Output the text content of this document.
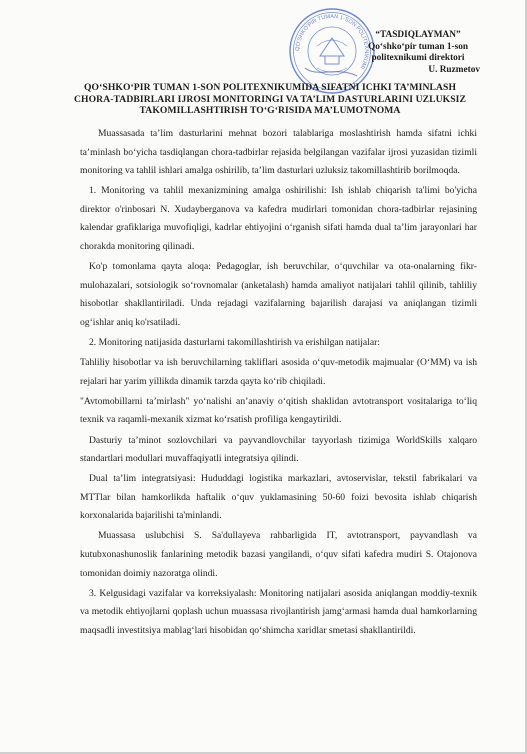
QO‘SHKO‘PIR TUMAN 1-SON POLITEXNIKUMI
“TASDIQLAYMAN”
Qo‘shko‘pir tuman 1-son
politexnikumi direktori
U. Ruzmetov
QO‘SHKO‘PIR TUMAN 1-SON POLITEXNIKUMIDA SIFATNI ICHKI TA’MINLASH CHORA-TADBIRLARI IJROSI MONITORINGI VA TA’LIM DASTURLARINI UZLUKSIZ TAKOMILLASHTIRISH TO‘G‘RISIDA MA’LUMOTNOMA

Muassasada ta’lim dasturlarini mehnat bozori talablariga moslashtirish hamda sifatni ichki ta’minlash bo‘yicha tasdiqlangan chora-tadbirlar rejasida belgilangan vazifalar ijrosi yuzasidan tizimli monitoring va tahlil ishlari amalga oshirilib, ta’lim dasturlari uzluksiz takomillashtirib borilmoqda.

1. Monitoring va tahlil mexanizmining amalga oshirilishi: Ish ishlab chiqarish ta'limi bo'yicha direktor o'rinbosari N. Xudayberganova va kafedra mudirlari tomonidan chora-tadbirlar rejasining kalendar grafiklariga muvofiqligi, kadrlar ehtiyojini o‘rganish sifati hamda dual ta’lim jarayonlari har chorakda monitoring qilinadi.

Ko'p tomonlama qayta aloqa: Pedagoglar, ish beruvchilar, o‘quvchilar va ota-onalarning fikr-mulohazalari, sotsiologik so‘rovnomalar (anketalash) hamda amaliyot natijalari tahlil qilinib, tahliliy hisobotlar shakllantiriladi. Unda rejadagi vazifalarning bajarilish darajasi va aniqlangan tizimli og‘ishlar aniq ko'rsatiladi.

2. Monitoring natijasida dasturlarni takomillashtirish va erishilgan natijalar:

Tahliliy hisobotlar va ish beruvchilarning takliflari asosida o‘quv-metodik majmualar (O‘MM) va ish rejalari har yarim yillikda dinamik tarzda qayta ko‘rib chiqiladi.

"Avtomobillarni ta’mirlash" yo‘nalishi an’anaviy o‘qitish shaklidan avtotransport vositalariga to‘liq texnik va raqamli-mexanik xizmat ko‘rsatish profiliga kengaytirildi.

Dasturiy ta’minot sozlovchilari va payvandlovchilar tayyorlash tizimiga WorldSkills xalqaro standartlari modullari muvaffaqiyatli integratsiya qilindi.

Dual ta’lim integratsiyasi: Hududdagi logistika markazlari, avtoservislar, tekstil fabrikalari va MTTlar bilan hamkorlikda haftalik o‘quv yuklamasining 50-60 foizi bevosita ishlab chiqarish korxonalarida bajarilishi ta'minlandi.

Muassasa uslubchisi S. Sa'dullayeva rahbarligida IT, avtotransport, payvandlash va kutubxonashunoslik fanlarining metodik bazasi yangilandi, o‘quv sifati kafedra mudiri S. Otajonova tomonidan doimiy nazoratga olindi.

3. Kelgusidagi vazifalar va korreksiyalash: Monitoring natijalari asosida aniqlangan moddiy-texnik va metodik ehtiyojlarni qoplash uchun muassasa rivojlantirish jamg‘armasi hamda dual hamkorlarning maqsadli investitsiya mablag‘lari hisobidan qo‘shimcha xaridlar smetasi shakllantirildi.
